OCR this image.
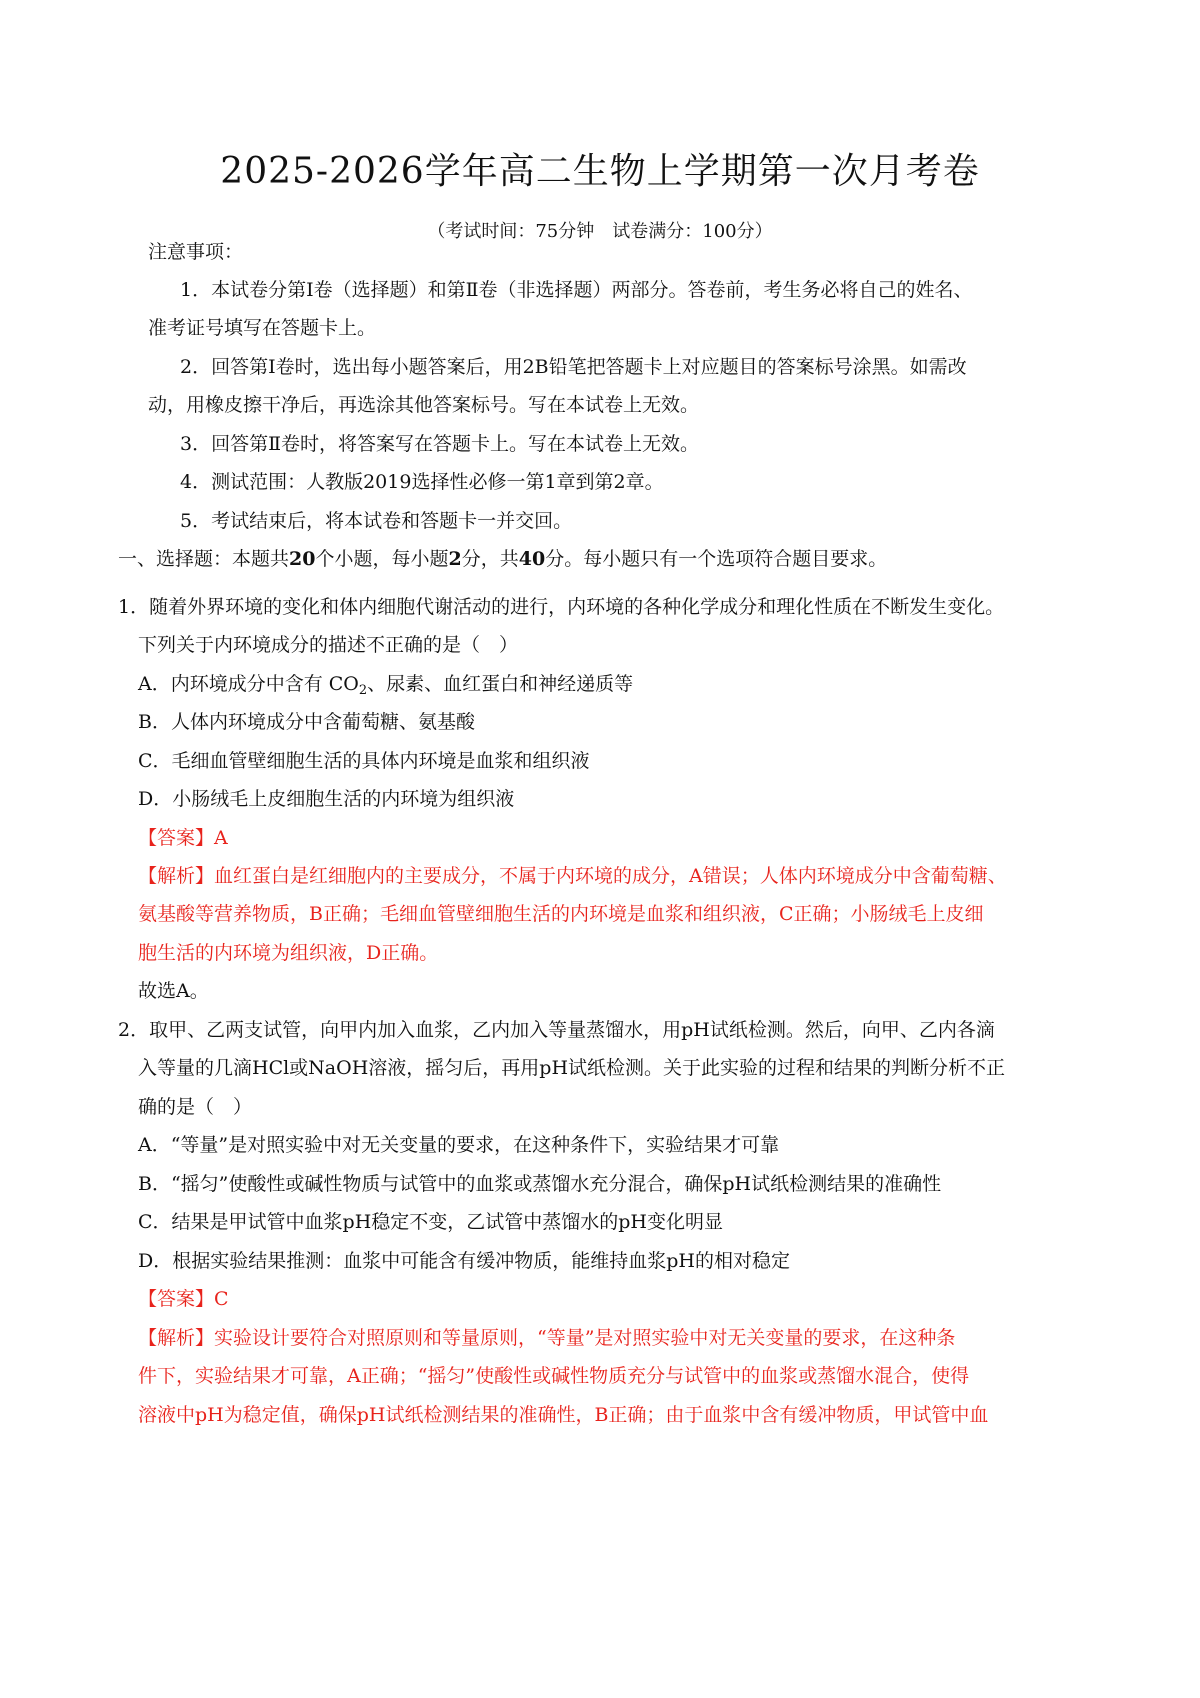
2025-2026学年高二生物上学期第一次月考卷
（考试时间：75分钟　试卷满分：100分）
注意事项：
1．本试卷分第Ⅰ卷（选择题）和第Ⅱ卷（非选择题）两部分。答卷前，考生务必将自己的姓名、
准考证号填写在答题卡上。
2．回答第Ⅰ卷时，选出每小题答案后，用2B铅笔把答题卡上对应题目的答案标号涂黑。如需改
动，用橡皮擦干净后，再选涂其他答案标号。写在本试卷上无效。
3．回答第Ⅱ卷时，将答案写在答题卡上。写在本试卷上无效。
4．测试范围：人教版2019选择性必修一第1章到第2章。
5．考试结束后，将本试卷和答题卡一并交回。
一、选择题：本题共20个小题，每小题2分，共40分。每小题只有一个选项符合题目要求。
1．随着外界环境的变化和体内细胞代谢活动的进行，内环境的各种化学成分和理化性质在不断发生变化。
下列关于内环境成分的描述不正确的是（　）
A．内环境成分中含有 $CO_2$、尿素、血红蛋白和神经递质等
B．人体内环境成分中含葡萄糖、氨基酸
C．毛细血管壁细胞生活的具体内环境是血浆和组织液
D．小肠绒毛上皮细胞生活的内环境为组织液
【答案】A
【解析】血红蛋白是红细胞内的主要成分，不属于内环境的成分，A错误；人体内环境成分中含葡萄糖、
氨基酸等营养物质，B正确；毛细血管壁细胞生活的内环境是血浆和组织液，C正确；小肠绒毛上皮细
胞生活的内环境为组织液，D正确。
故选A。
2．取甲、乙两支试管，向甲内加入血浆，乙内加入等量蒸馏水，用pH试纸检测。然后，向甲、乙内各滴
入等量的几滴HCl或NaOH溶液，摇匀后，再用pH试纸检测。关于此实验的过程和结果的判断分析不正
确的是（　）
A．“等量”是对照实验中对无关变量的要求，在这种条件下，实验结果才可靠
B．“摇匀”使酸性或碱性物质与试管中的血浆或蒸馏水充分混合，确保pH试纸检测结果的准确性
C．结果是甲试管中血浆pH稳定不变，乙试管中蒸馏水的pH变化明显
D．根据实验结果推测：血浆中可能含有缓冲物质，能维持血浆pH的相对稳定
【答案】C
【解析】实验设计要符合对照原则和等量原则，“等量”是对照实验中对无关变量的要求，在这种条
件下，实验结果才可靠，A正确；“摇匀”使酸性或碱性物质充分与试管中的血浆或蒸馏水混合，使得
溶液中pH为稳定值，确保pH试纸检测结果的准确性，B正确；由于血浆中含有缓冲物质，甲试管中血
